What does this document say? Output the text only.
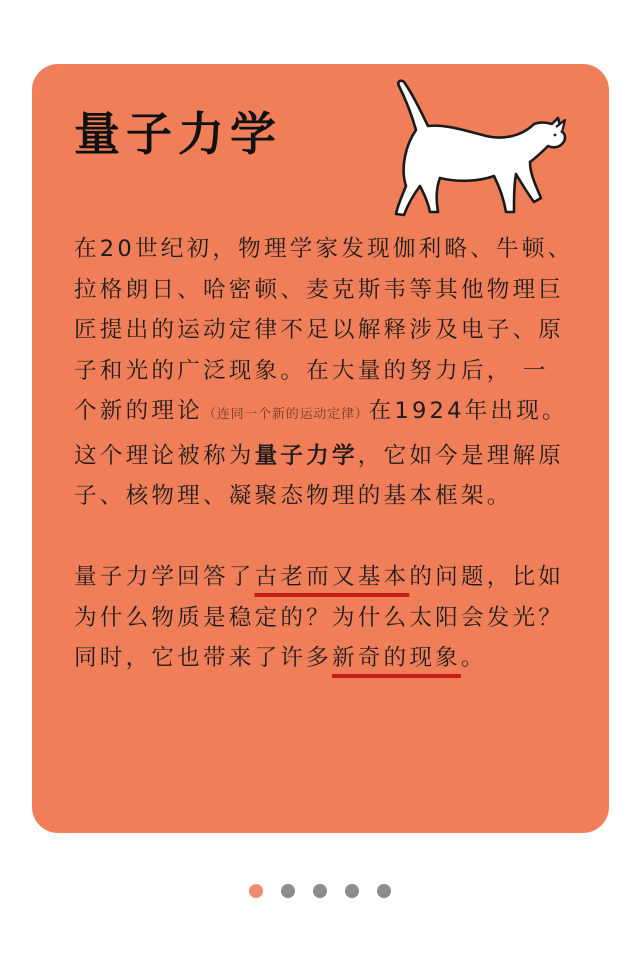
量子力学

在20世纪初，物理学家发现伽利略、牛顿、拉格朗日、哈密顿、麦克斯韦等其他物理巨匠提出的运动定律不足以解释涉及电子、原子和光的广泛现象。在大量的努力后， 一个新的理论（连同一个新的运动定律）在1924年出现。这个理论被称为量子力学，它如今是理解原子、核物理、凝聚态物理的基本框架。

量子力学回答了古老而又基本的问题，比如为什么物质是稳定的？为什么太阳会发光？同时，它也带来了许多新奇的现象。
